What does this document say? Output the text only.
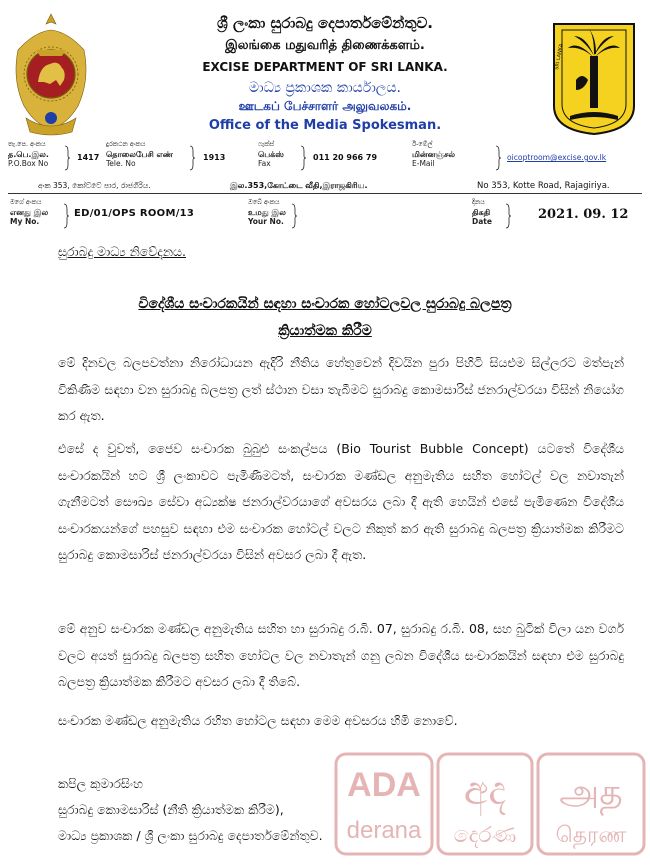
ශ්‍රී ලංකා සුරාබදු දෙපාර්තමේන්තුව.
இலங்கை மதுவரித் திணைக்களம்.
EXCISE DEPARTMENT OF SRI LANKA.
මාධ්‍ය ප්‍රකාශක කාර්යාලය.
ஊடகப் பேச்சாளர் அலுவலகம்.
Office of the Media Spokesman.
SRI LANKA
තැ.පෙ. අංකය
த.பெ.இல.
P.O.Box No
1417
දුරකථන අංකය
தொலைபேசி எண்
Tele. No
1913
ෆැක්ස්
பெக்ஸ்
Fax
011 20 966 79
ඊ-මේල්
மின்னஞ்சல்
E-Mail
oicoptroom@excise.gov.lk
අංක 353, කෝට්ටේ පාර, රාජගිරිය.	இல.353,கோட்டை வீதி,இராஜகிரிய.	No 353, Kotte Road, Rajagiriya.
මගේ අංකය
எனது இல
My No.
ED/01/OPS ROOM/13
ඔබේ අංකය
உமது இல
Your No.
දිනය
திகதி
Date	2021. 09. 12
සුරාබදු මාධ්‍ය නිවේදනය.
විදේශීය සංචාරකයින් සඳහා සංචාරක හෝටලවල සුරාබදු බලපත්‍ර
ක්‍රියාත්මක කිරීම

මේ දිනවල බලපවත්නා නිරෝධායන ඇදිරි නීතිය හේතුවෙන් දිවයින පුරා පිහිටි සියළුම සිල්ලරට මත්පැන් විකිණීම සඳහා වන සුරාබදු බලපත්‍ර ලත් ස්ථාන වසා තැබීමට සුරාබදු කොමසාරිස් ජනරාල්වරයා විසින් නියෝග කර ඇත.

එසේ ද වුවත්, ජෛව සංචාරක බුබුළු සංකල්පය (Bio Tourist Bubble Concept) යටතේ විදේශීය සංචාරකයින් හට ශ්‍රී ලංකාවට පැමිණීමටත්, සංචාරක මණ්ඩල අනුමැතිය සහිත හෝටල් වල නවාතැන් ගැනීමටත් සෞඛ්‍ය සේවා අධ්‍යක්ෂ ජනරාල්වරයාගේ අවසරය ලබා දී ඇති හෙයින් එසේ පැමිණෙන විදේශීය සංචාරකයන්ගේ පහසුව සඳහා එම සංචාරක හෝටල් වලට නිකුත් කර ඇති සුරාබදු බලපත්‍ර ක්‍රියාත්මක කිරීමට සුරාබදු කොමසාරිස් ජනරාල්වරයා විසින් අවසර ලබා දී ඇත.

මේ අනුව සංචාරක මණ්ඩල අනුමැතිය සහිත හා සුරාබදු ර.බි. 07, සුරාබදු ර.බි. 08, සහ බුටික් විලා යන වර්ග වලට අයත් සුරාබදු බලපත්‍ර සහිත හෝටල වල නවාතැන් ගනු ලබන විදේශීය සංචාරකයින් සඳහා එම සුරාබදු බලපත්‍ර ක්‍රියාත්මක කිරීමට අවසර ලබා දී තිබේ.

සංචාරක මණ්ඩල අනුමැතිය රහිත හෝටල සඳහා මෙම අවසරය හිමි නොවේ.

කපිල කුමාරසිංහ
සුරාබදු කොමසාරිස් (නීති ක්‍රියාත්මක කිරීම),
මාධ්‍ය ප්‍රකාශක / ශ්‍රී ලංකා සුරාබදු දෙපාර්තමේන්තුව.
ADA
derana
අද
දෙරණ
அத
தெரண
